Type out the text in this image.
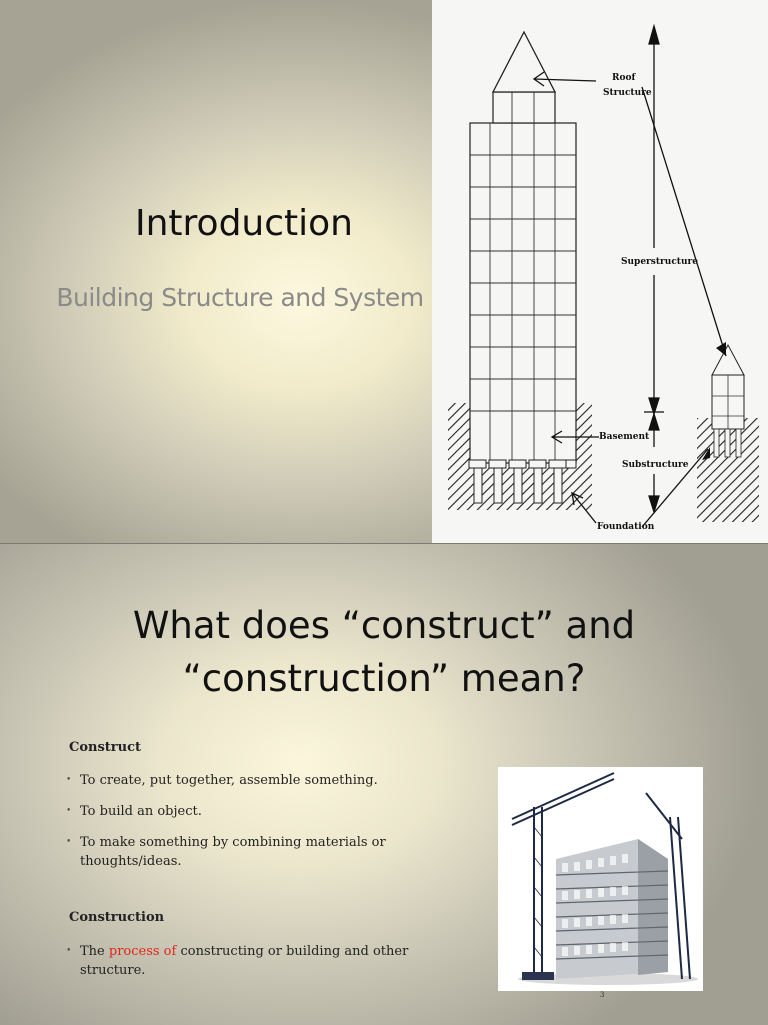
Introduction
Building Structure and System
Roof
Structure
Superstructure
Basement
Substructure
Foundation
What does “construct” and
“construction” mean?
Construct
• To create, put together, assemble something.
• To build an object.
• To make something by combining materials or thoughts/ideas.
Construction
• The process of constructing or building and other structure.
3
